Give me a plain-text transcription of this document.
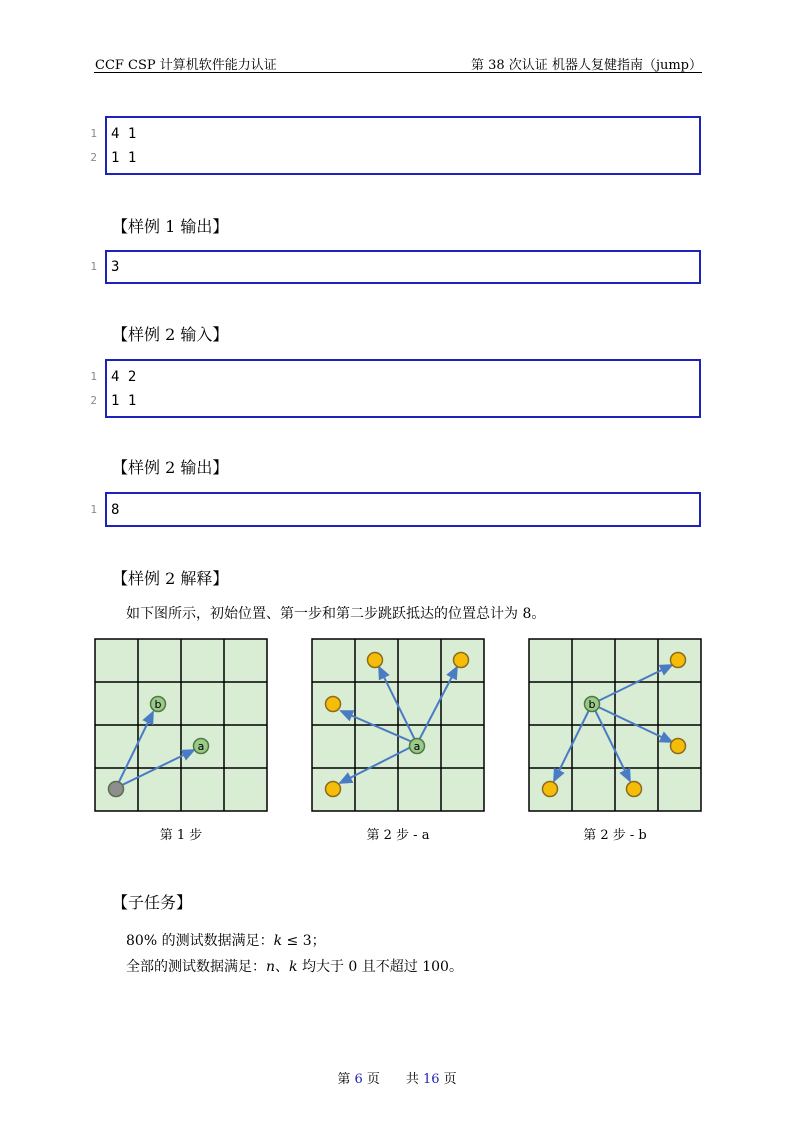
CCF CSP 计算机软件能力认证	第 38 次认证 机器人复健指南（jump）
1 4 1
2 1 1
【样例 1 输出】
1 3
【样例 2 输入】
1 4 2
2 1 1
【样例 2 输出】
1 8
【样例 2 解释】
如下图所示，初始位置、第一步和第二步跳跃抵达的位置总计为 8。
b
a	a
b
第 1 步	第 2 步 - a	第 2 步 - b
【子任务】
80% 的测试数据满足：k ≤ 3；
全部的测试数据满足：n、k 均大于 0 且不超过 100。
第 6 页　　共 16 页
